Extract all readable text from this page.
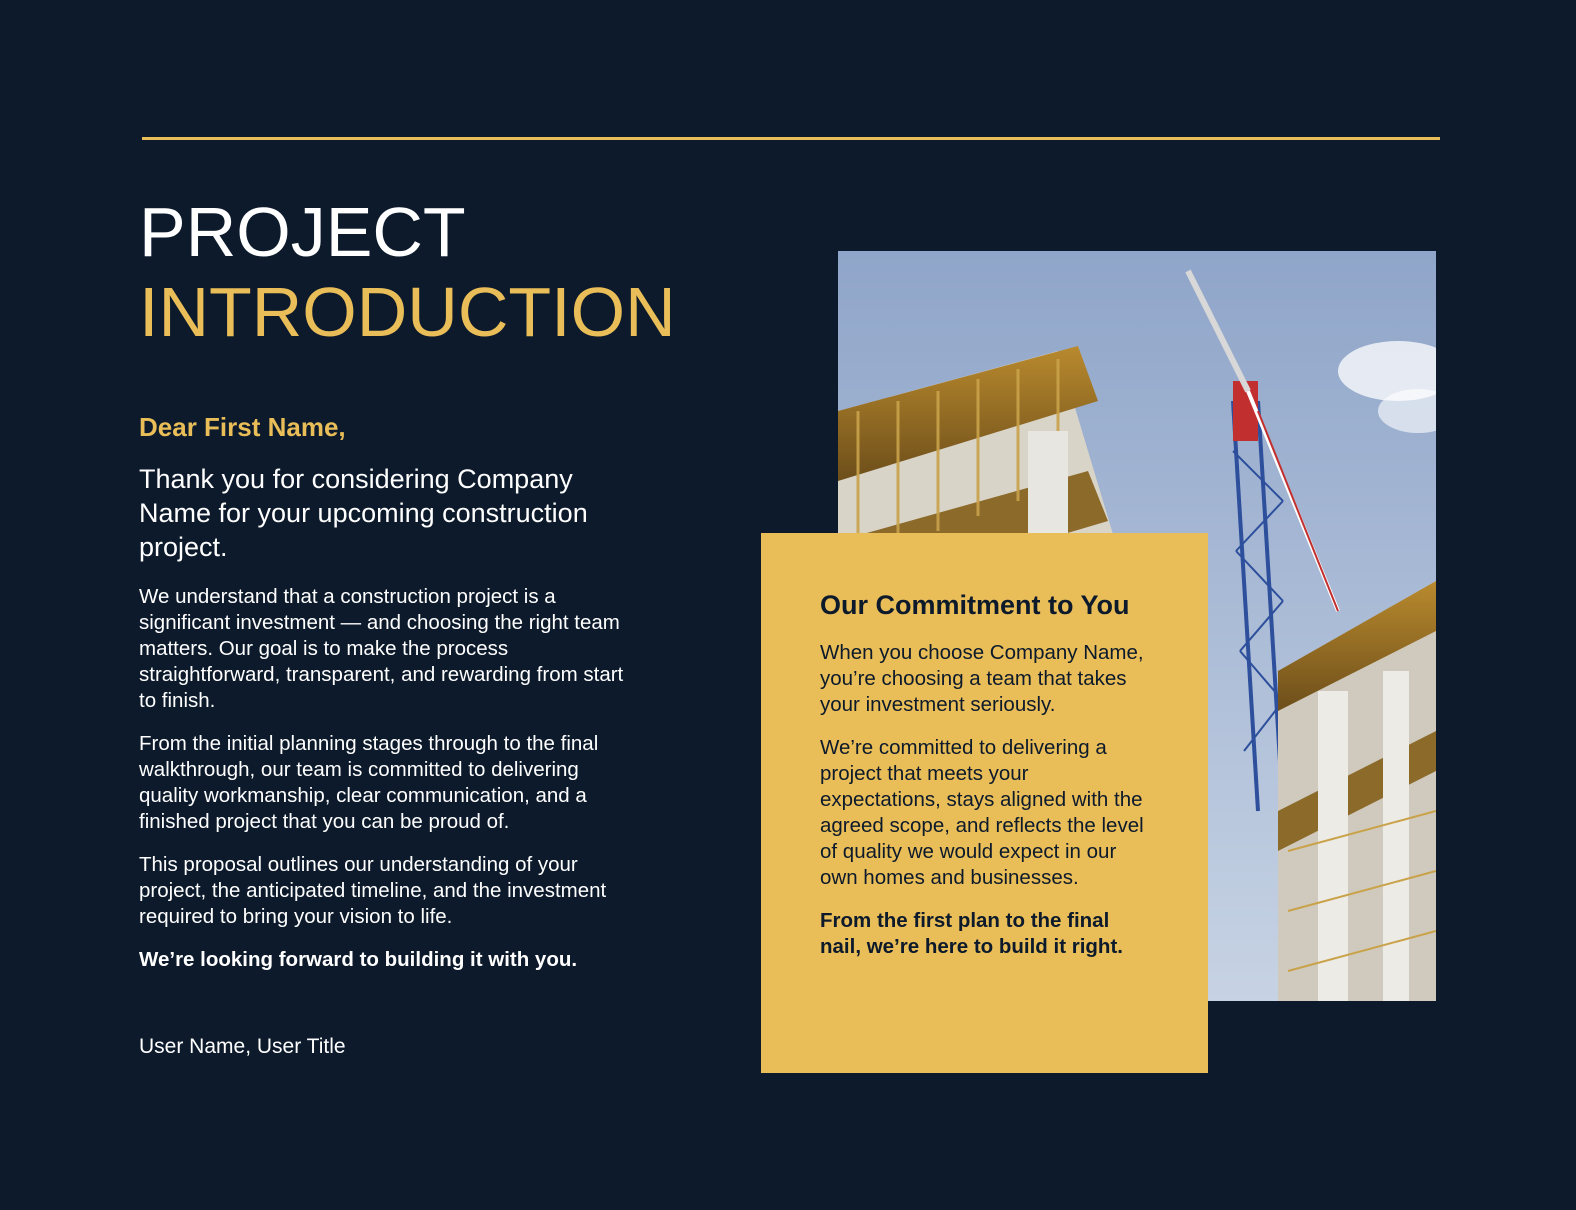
PROJECT
INTRODUCTION

Dear First Name,

Thank you for considering Company Name for your upcoming construction project.

We understand that a construction project is a significant investment — and choosing the right team matters. Our goal is to make the process straightforward, transparent, and rewarding from start to finish.

From the initial planning stages through to the final walkthrough, our team is committed to delivering quality workmanship, clear communication, and a finished project that you can be proud of.

This proposal outlines our understanding of your project, the anticipated timeline, and the investment required to bring your vision to life.

We’re looking forward to building it with you.

User Name, User Title

Our Commitment to You

When you choose Company Name, you’re choosing a team that takes your investment seriously.

We’re committed to delivering a project that meets your expectations, stays aligned with the agreed scope, and reflects the level of quality we would expect in our own homes and businesses.

From the first plan to the final nail, we’re here to build it right.
